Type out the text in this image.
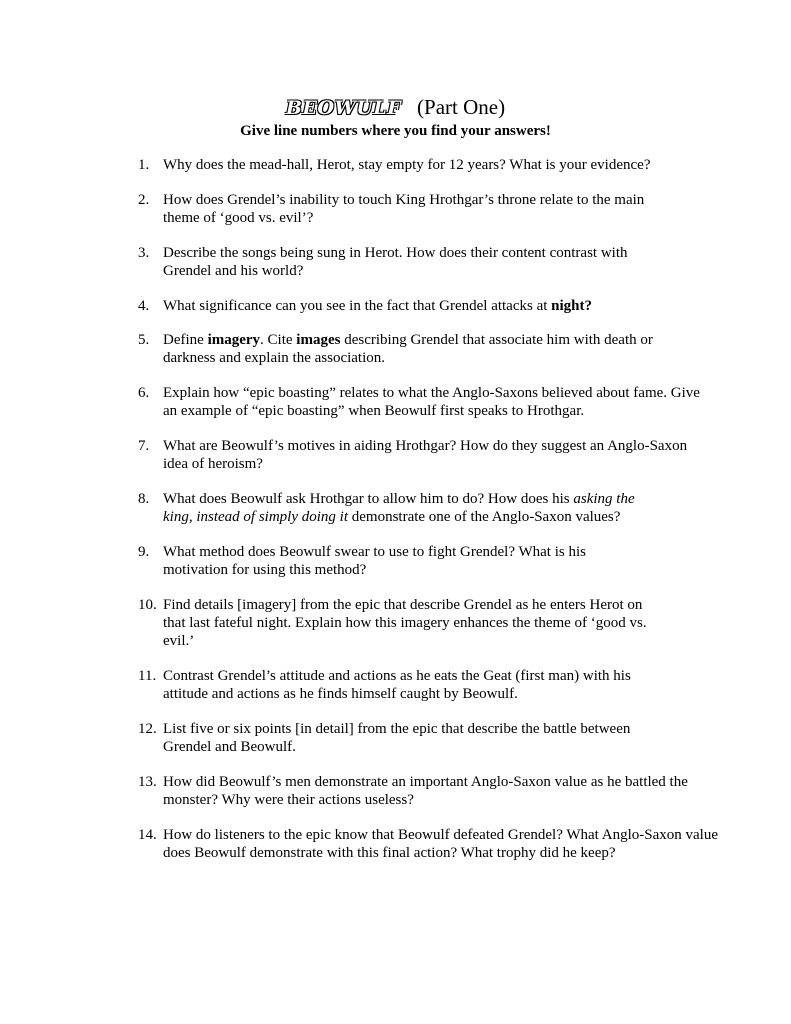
BEOWULF (Part One)
Give line numbers where you find your answers!
1. Why does the mead-hall, Herot, stay empty for 12 years? What is your evidence?
2. How does Grendel’s inability to touch King Hrothgar’s throne relate to the main
theme of ‘good vs. evil’?
3. Describe the songs being sung in Herot. How does their content contrast with
Grendel and his world?
4. What significance can you see in the fact that Grendel attacks at night?
5. Define imagery. Cite images describing Grendel that associate him with death or
darkness and explain the association.
6. Explain how “epic boasting” relates to what the Anglo-Saxons believed about fame. Give
an example of “epic boasting” when Beowulf first speaks to Hrothgar.
7. What are Beowulf’s motives in aiding Hrothgar? How do they suggest an Anglo-Saxon
idea of heroism?
8. What does Beowulf ask Hrothgar to allow him to do? How does his asking the
king, instead of simply doing it demonstrate one of the Anglo-Saxon values?
9. What method does Beowulf swear to use to fight Grendel? What is his
motivation for using this method?
10. Find details [imagery] from the epic that describe Grendel as he enters Herot on
that last fateful night. Explain how this imagery enhances the theme of ‘good vs.
evil.’
11. Contrast Grendel’s attitude and actions as he eats the Geat (first man) with his
attitude and actions as he finds himself caught by Beowulf.
12. List five or six points [in detail] from the epic that describe the battle between
Grendel and Beowulf.
13. How did Beowulf’s men demonstrate an important Anglo-Saxon value as he battled the
monster? Why were their actions useless?
14. How do listeners to the epic know that Beowulf defeated Grendel? What Anglo-Saxon value
does Beowulf demonstrate with this final action? What trophy did he keep?
